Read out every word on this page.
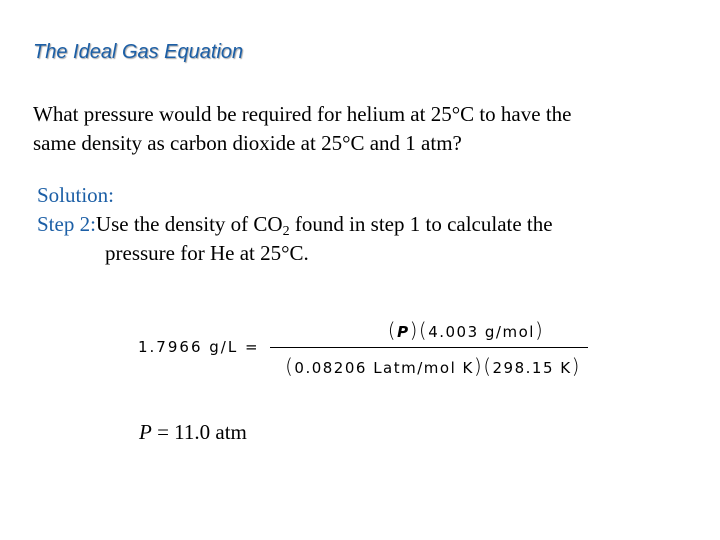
The Ideal Gas Equation
What pressure would be required for helium at 25°C to have the
same density as carbon dioxide at 25°C and 1 atm?
Solution:
Step 2:Use the density of $CO_2$ found in step 1 to calculate the
pressure for He at 25°C.
1.7966 g/L =
(P)(4.003 g/mol)
(0.08206 Latm/mol K)(298.15 K)
P = 11.0 atm
